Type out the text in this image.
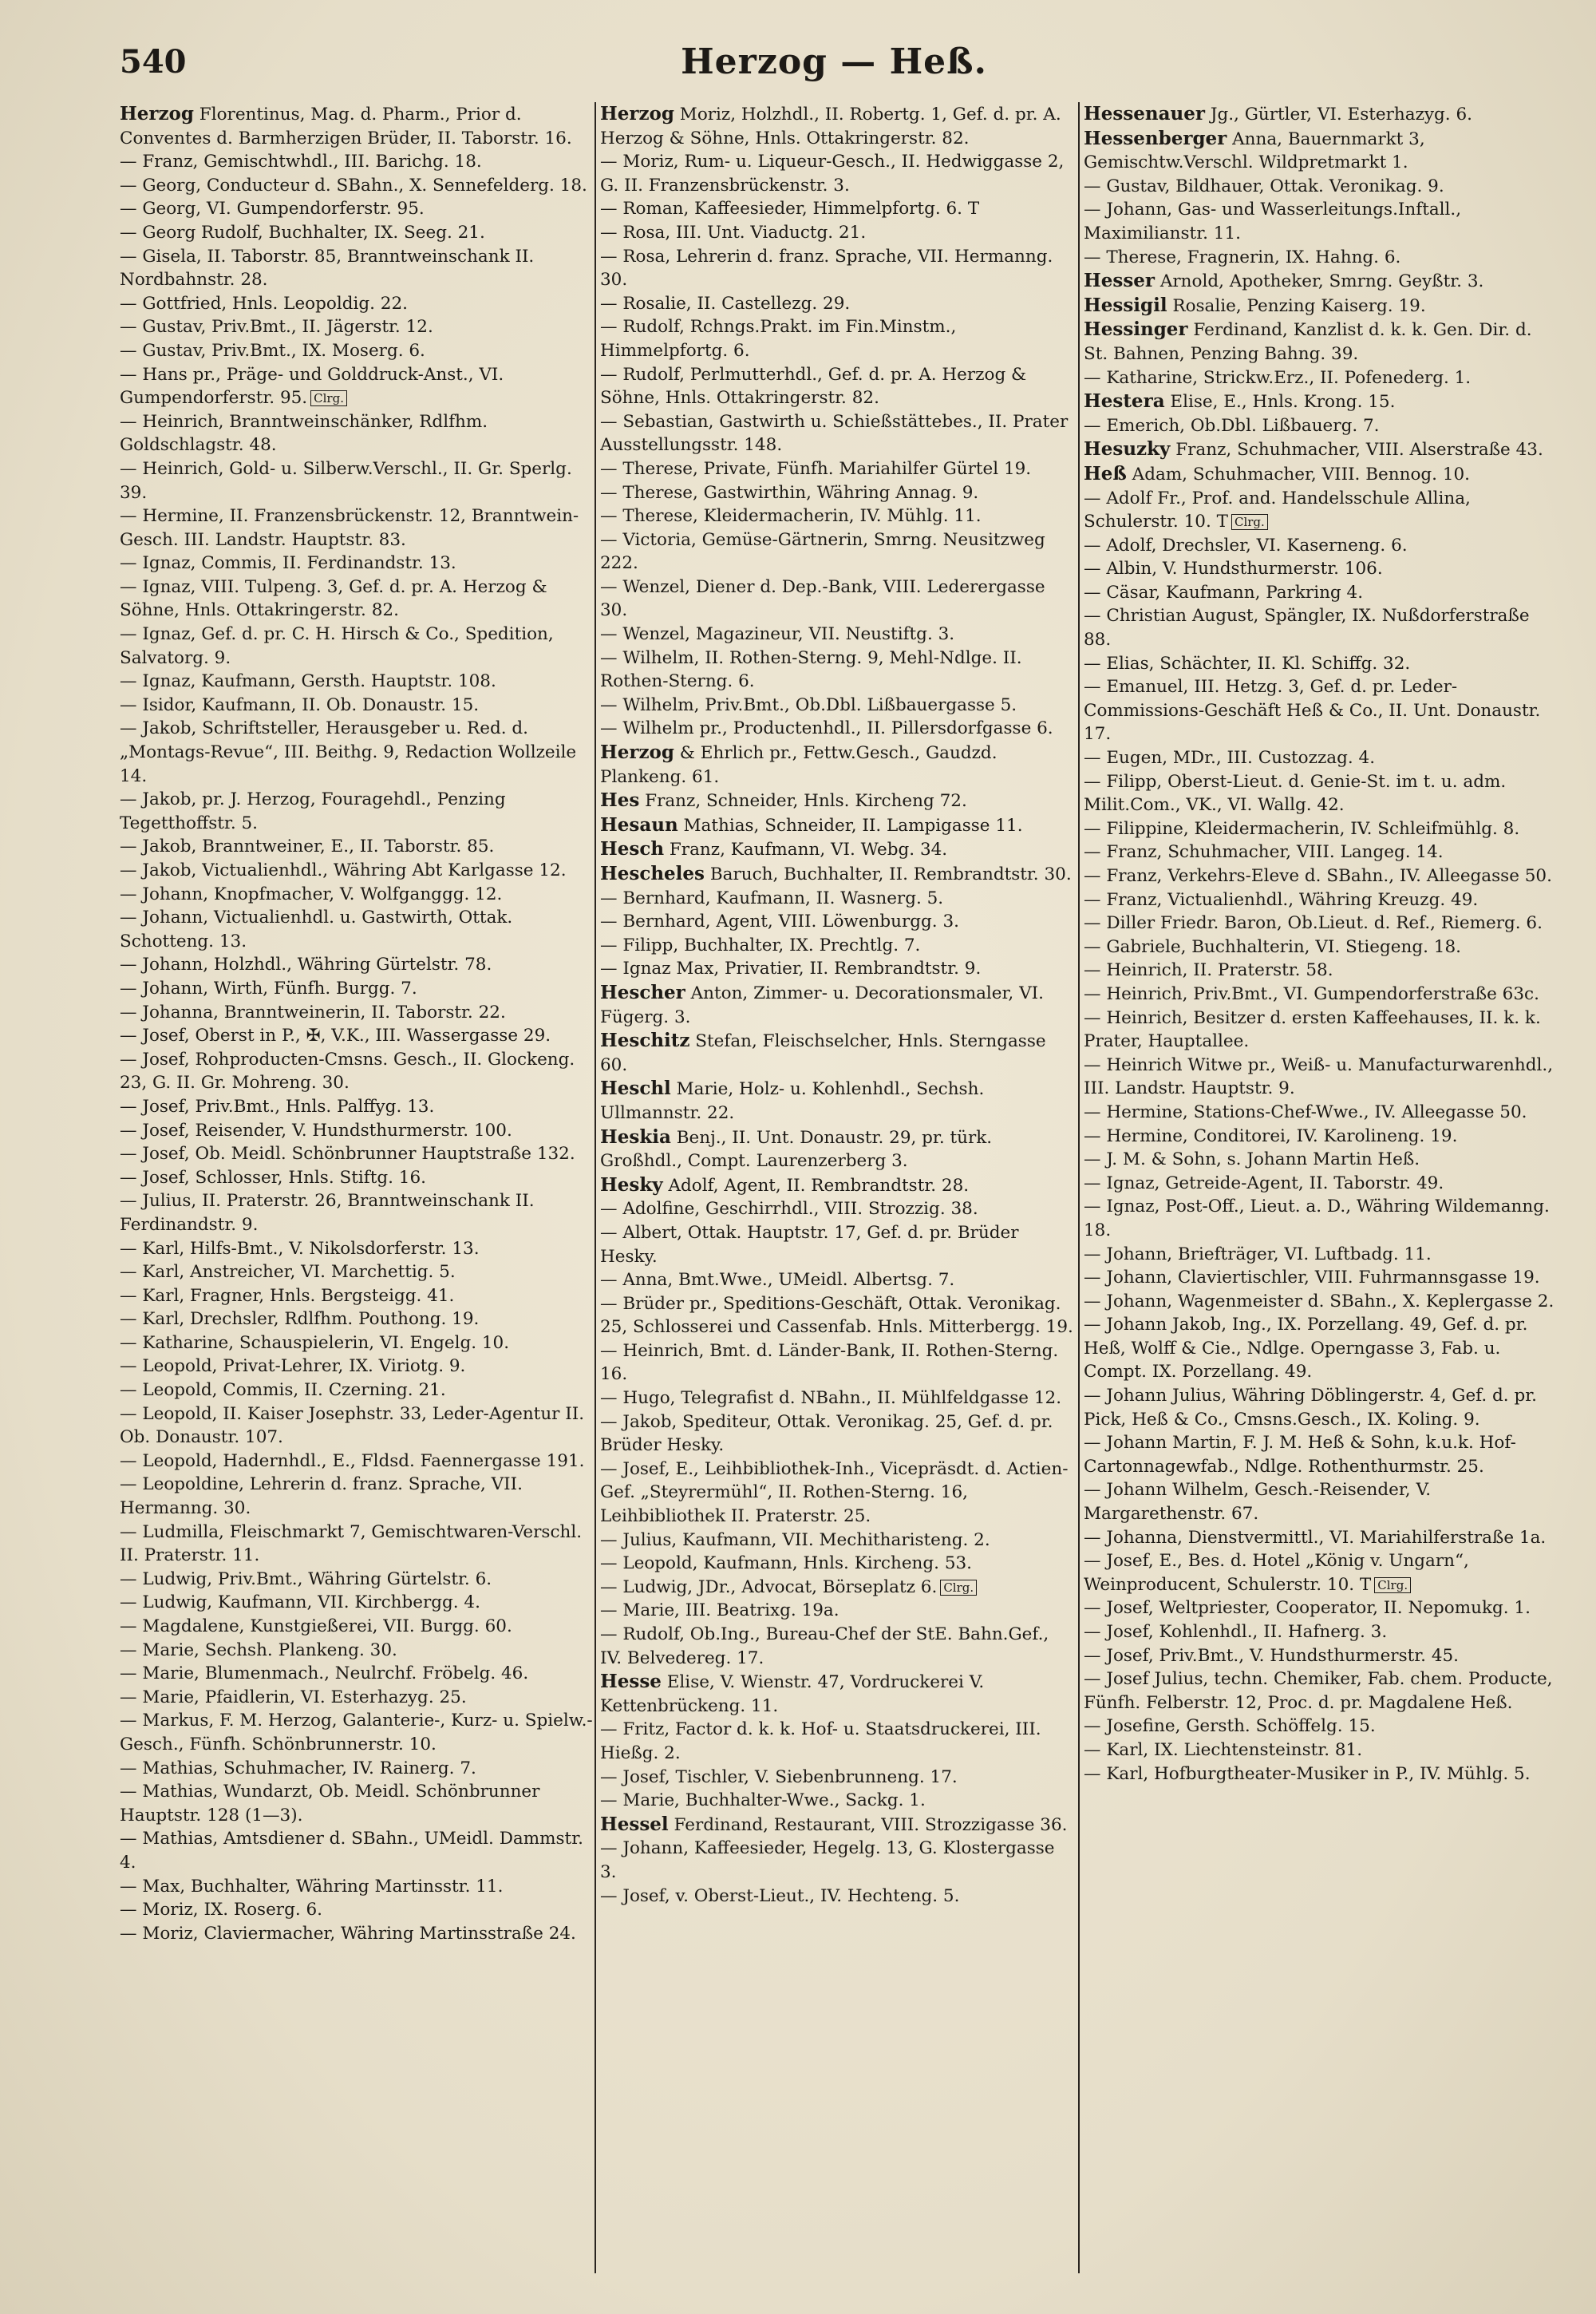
540	Herzog — Heß.
Herzog Florentinus, Mag. d. Pharm., Prior d. Conventes d. Barmherzigen Brüder, II. Taborstr. 16.
— Franz, Gemischtwhdl., III. Barichg. 18.
— Georg, Conducteur d. SBahn., X. Sennefelderg. 18.
— Georg, VI. Gumpendorferstr. 95.
— Georg Rudolf, Buchhalter, IX. Seeg. 21.
— Gisela, II. Taborstr. 85, Branntweinschank II. Nordbahnstr. 28.
— Gottfried, Hnls. Leopoldig. 22.
— Gustav, Priv.Bmt., II. Jägerstr. 12.
— Gustav, Priv.Bmt., IX. Moserg. 6.
— Hans pr., Präge- und Golddruck-Anst., VI. Gumpendorferstr. 95. Clrg.
— Heinrich, Branntweinschänker, Rdlfhm. Goldschlagstr. 48.
— Heinrich, Gold- u. Silberw.Verschl., II. Gr. Sperlg. 39.
— Hermine, II. Franzensbrückenstr. 12, Branntwein-Gesch. III. Landstr. Hauptstr. 83.
— Ignaz, Commis, II. Ferdinandstr. 13.
— Ignaz, VIII. Tulpeng. 3, Gef. d. pr. A. Herzog & Söhne, Hnls. Ottakringerstr. 82.
— Ignaz, Gef. d. pr. C. H. Hirsch & Co., Spedition, Salvatorg. 9.
— Ignaz, Kaufmann, Gersth. Hauptstr. 108.
— Isidor, Kaufmann, II. Ob. Donaustr. 15.
— Jakob, Schriftsteller, Herausgeber u. Red. d. „Montags-Revue“, III. Beithg. 9, Redaction Wollzeile 14.
— Jakob, pr. J. Herzog, Fouragehdl., Penzing Tegetthoffstr. 5.
— Jakob, Branntweiner, E., II. Taborstr. 85.
— Jakob, Victualienhdl., Währing Abt Karlgasse 12.
— Johann, Knopfmacher, V. Wolfganggg. 12.
— Johann, Victualienhdl. u. Gastwirth, Ottak. Schotteng. 13.
— Johann, Holzhdl., Währing Gürtelstr. 78.
— Johann, Wirth, Fünfh. Burgg. 7.
— Johanna, Branntweinerin, II. Taborstr. 22.
— Josef, Oberst in P., ✠, V.K., III. Wassergasse 29.
— Josef, Rohproducten-Cmsns. Gesch., II. Glockeng. 23, G. II. Gr. Mohreng. 30.
— Josef, Priv.Bmt., Hnls. Palffyg. 13.
— Josef, Reisender, V. Hundsthurmerstr. 100.
— Josef, Ob. Meidl. Schönbrunner Hauptstraße 132.
— Josef, Schlosser, Hnls. Stiftg. 16.
— Julius, II. Praterstr. 26, Branntweinschank II. Ferdinandstr. 9.
— Karl, Hilfs-Bmt., V. Nikolsdorferstr. 13.
— Karl, Anstreicher, VI. Marchettig. 5.
— Karl, Fragner, Hnls. Bergsteigg. 41.
— Karl, Drechsler, Rdlfhm. Pouthong. 19.
— Katharine, Schauspielerin, VI. Engelg. 10.
— Leopold, Privat-Lehrer, IX. Viriotg. 9.
— Leopold, Commis, II. Czerning. 21.
— Leopold, II. Kaiser Josephstr. 33, Leder-Agentur II. Ob. Donaustr. 107.
— Leopold, Hadernhdl., E., Fldsd. Faennergasse 191.
— Leopoldine, Lehrerin d. franz. Sprache, VII. Hermanng. 30.
— Ludmilla, Fleischmarkt 7, Gemischtwaren-Verschl. II. Praterstr. 11.
— Ludwig, Priv.Bmt., Währing Gürtelstr. 6.
— Ludwig, Kaufmann, VII. Kirchbergg. 4.
— Magdalene, Kunstgießerei, VII. Burgg. 60.
— Marie, Sechsh. Plankeng. 30.
— Marie, Blumenmach., Neulrchf. Fröbelg. 46.
— Marie, Pfaidlerin, VI. Esterhazyg. 25.
— Markus, F. M. Herzog, Galanterie-, Kurz- u. Spielw.-Gesch., Fünfh. Schönbrunnerstr. 10.
— Mathias, Schuhmacher, IV. Rainerg. 7.
— Mathias, Wundarzt, Ob. Meidl. Schönbrunner Hauptstr. 128 (1—3).
— Mathias, Amtsdiener d. SBahn., UMeidl. Dammstr. 4.
— Max, Buchhalter, Währing Martinsstr. 11.
— Moriz, IX. Roserg. 6.
— Moriz, Claviermacher, Währing Martinsstraße 24.
Herzog Moriz, Holzhdl., II. Robertg. 1, Gef. d. pr. A. Herzog & Söhne, Hnls. Ottakringerstr. 82.
— Moriz, Rum- u. Liqueur-Gesch., II. Hedwiggasse 2, G. II. Franzensbrückenstr. 3.
— Roman, Kaffeesieder, Himmelpfortg. 6. T
— Rosa, III. Unt. Viaductg. 21.
— Rosa, Lehrerin d. franz. Sprache, VII. Hermanng. 30.
— Rosalie, II. Castellezg. 29.
— Rudolf, Rchngs.Prakt. im Fin.Minstm., Himmelpfortg. 6.
— Rudolf, Perlmutterhdl., Gef. d. pr. A. Herzog & Söhne, Hnls. Ottakringerstr. 82.
— Sebastian, Gastwirth u. Schießstättebes., II. Prater Ausstellungsstr. 148.
— Therese, Private, Fünfh. Mariahilfer Gürtel 19.
— Therese, Gastwirthin, Währing Annag. 9.
— Therese, Kleidermacherin, IV. Mühlg. 11.
— Victoria, Gemüse-Gärtnerin, Smrng. Neusitzweg 222.
— Wenzel, Diener d. Dep.-Bank, VIII. Lederergasse 30.
— Wenzel, Magazineur, VII. Neustiftg. 3.
— Wilhelm, II. Rothen-Sterng. 9, Mehl-Ndlge. II. Rothen-Sterng. 6.
— Wilhelm, Priv.Bmt., Ob.Dbl. Lißbauergasse 5.
— Wilhelm pr., Productenhdl., II. Pillersdorfgasse 6.
Herzog & Ehrlich pr., Fettw.Gesch., Gaudzd. Plankeng. 61.
Hes Franz, Schneider, Hnls. Kircheng 72.
Hesaun Mathias, Schneider, II. Lampigasse 11.
Hesch Franz, Kaufmann, VI. Webg. 34.
Hescheles Baruch, Buchhalter, II. Rembrandtstr. 30.
— Bernhard, Kaufmann, II. Wasnerg. 5.
— Bernhard, Agent, VIII. Löwenburgg. 3.
— Filipp, Buchhalter, IX. Prechtlg. 7.
— Ignaz Max, Privatier, II. Rembrandtstr. 9.
Hescher Anton, Zimmer- u. Decorationsmaler, VI. Fügerg. 3.
Heschitz Stefan, Fleischselcher, Hnls. Sterngasse 60.
Heschl Marie, Holz- u. Kohlenhdl., Sechsh. Ullmannstr. 22.
Heskia Benj., II. Unt. Donaustr. 29, pr. türk. Großhdl., Compt. Laurenzerberg 3.
Hesky Adolf, Agent, II. Rembrandtstr. 28.
— Adolfine, Geschirrhdl., VIII. Strozzig. 38.
— Albert, Ottak. Hauptstr. 17, Gef. d. pr. Brüder Hesky.
— Anna, Bmt.Wwe., UMeidl. Albertsg. 7.
— Brüder pr., Speditions-Geschäft, Ottak. Veronikag. 25, Schlosserei und Cassenfab. Hnls. Mitterbergg. 19.
— Heinrich, Bmt. d. Länder-Bank, II. Rothen-Sterng. 16.
— Hugo, Telegrafist d. NBahn., II. Mühlfeldgasse 12.
— Jakob, Spediteur, Ottak. Veronikag. 25, Gef. d. pr. Brüder Hesky.
— Josef, E., Leihbibliothek-Inh., Vicepräsdt. d. Actien-Gef. „Steyrermühl“, II. Rothen-Sterng. 16, Leihbibliothek II. Praterstr. 25.
— Julius, Kaufmann, VII. Mechitharisteng. 2.
— Leopold, Kaufmann, Hnls. Kircheng. 53.
— Ludwig, JDr., Advocat, Börseplatz 6. Clrg.
— Marie, III. Beatrixg. 19a.
— Rudolf, Ob.Ing., Bureau-Chef der StE. Bahn.Gef., IV. Belvedereg. 17.
Hesse Elise, V. Wienstr. 47, Vordruckerei V. Kettenbrückeng. 11.
— Fritz, Factor d. k. k. Hof- u. Staatsdruckerei, III. Hießg. 2.
— Josef, Tischler, V. Siebenbrunneng. 17.
— Marie, Buchhalter-Wwe., Sackg. 1.
Hessel Ferdinand, Restaurant, VIII. Strozzigasse 36.
— Johann, Kaffeesieder, Hegelg. 13, G. Klostergasse 3.
— Josef, v. Oberst-Lieut., IV. Hechteng. 5.
Hessenauer Jg., Gürtler, VI. Esterhazyg. 6.
Hessenberger Anna, Bauernmarkt 3, Gemischtw.Verschl. Wildpretmarkt 1.
— Gustav, Bildhauer, Ottak. Veronikag. 9.
— Johann, Gas- und Wasserleitungs.Inftall., Maximilianstr. 11.
— Therese, Fragnerin, IX. Hahng. 6.
Hesser Arnold, Apotheker, Smrng. Geyßtr. 3.
Hessigil Rosalie, Penzing Kaiserg. 19.
Hessinger Ferdinand, Kanzlist d. k. k. Gen. Dir. d. St. Bahnen, Penzing Bahng. 39.
— Katharine, Strickw.Erz., II. Pofenederg. 1.
Hestera Elise, E., Hnls. Krong. 15.
— Emerich, Ob.Dbl. Lißbauerg. 7.
Hesuzky Franz, Schuhmacher, VIII. Alserstraße 43.
Heß Adam, Schuhmacher, VIII. Bennog. 10.
— Adolf Fr., Prof. and. Handelsschule Allina, Schulerstr. 10. T Clrg.
— Adolf, Drechsler, VI. Kaserneng. 6.
— Albin, V. Hundsthurmerstr. 106.
— Cäsar, Kaufmann, Parkring 4.
— Christian August, Spängler, IX. Nußdorferstraße 88.
— Elias, Schächter, II. Kl. Schiffg. 32.
— Emanuel, III. Hetzg. 3, Gef. d. pr. Leder-Commissions-Geschäft Heß & Co., II. Unt. Donaustr. 17.
— Eugen, MDr., III. Custozzag. 4.
— Filipp, Oberst-Lieut. d. Genie-St. im t. u. adm. Milit.Com., VK., VI. Wallg. 42.
— Filippine, Kleidermacherin, IV. Schleifmühlg. 8.
— Franz, Schuhmacher, VIII. Langeg. 14.
— Franz, Verkehrs-Eleve d. SBahn., IV. Alleegasse 50.
— Franz, Victualienhdl., Währing Kreuzg. 49.
— Diller Friedr. Baron, Ob.Lieut. d. Ref., Riemerg. 6.
— Gabriele, Buchhalterin, VI. Stiegeng. 18.
— Heinrich, II. Praterstr. 58.
— Heinrich, Priv.Bmt., VI. Gumpendorferstraße 63c.
— Heinrich, Besitzer d. ersten Kaffeehauses, II. k. k. Prater, Hauptallee.
— Heinrich Witwe pr., Weiß- u. Manufacturwarenhdl., III. Landstr. Hauptstr. 9.
— Hermine, Stations-Chef-Wwe., IV. Alleegasse 50.
— Hermine, Conditorei, IV. Karolineng. 19.
— J. M. & Sohn, s. Johann Martin Heß.
— Ignaz, Getreide-Agent, II. Taborstr. 49.
— Ignaz, Post-Off., Lieut. a. D., Währing Wildemanng. 18.
— Johann, Briefträger, VI. Luftbadg. 11.
— Johann, Claviertischler, VIII. Fuhrmannsgasse 19.
— Johann, Wagenmeister d. SBahn., X. Keplergasse 2.
— Johann Jakob, Ing., IX. Porzellang. 49, Gef. d. pr. Heß, Wolff & Cie., Ndlge. Operngasse 3, Fab. u. Compt. IX. Porzellang. 49.
— Johann Julius, Währing Döblingerstr. 4, Gef. d. pr. Pick, Heß & Co., Cmsns.Gesch., IX. Koling. 9.
— Johann Martin, F. J. M. Heß & Sohn, k.u.k. Hof-Cartonnagewfab., Ndlge. Rothenthurmstr. 25.
— Johann Wilhelm, Gesch.-Reisender, V. Margarethenstr. 67.
— Johanna, Dienstvermittl., VI. Mariahilferstraße 1a.
— Josef, E., Bes. d. Hotel „König v. Ungarn“, Weinproducent, Schulerstr. 10. T Clrg.
— Josef, Weltpriester, Cooperator, II. Nepomukg. 1.
— Josef, Kohlenhdl., II. Hafnerg. 3.
— Josef, Priv.Bmt., V. Hundsthurmerstr. 45.
— Josef Julius, techn. Chemiker, Fab. chem. Producte, Fünfh. Felberstr. 12, Proc. d. pr. Magdalene Heß.
— Josefine, Gersth. Schöffelg. 15.
— Karl, IX. Liechtensteinstr. 81.
— Karl, Hofburgtheater-Musiker in P., IV. Mühlg. 5.
